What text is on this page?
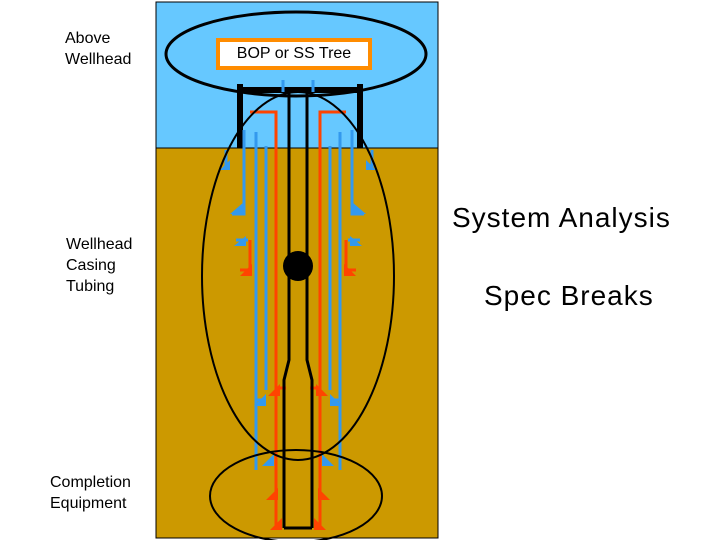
BOP or SS Tree
Above
Wellhead
Wellhead
Casing
Tubing
Completion
Equipment
System Analysis
Spec Breaks
